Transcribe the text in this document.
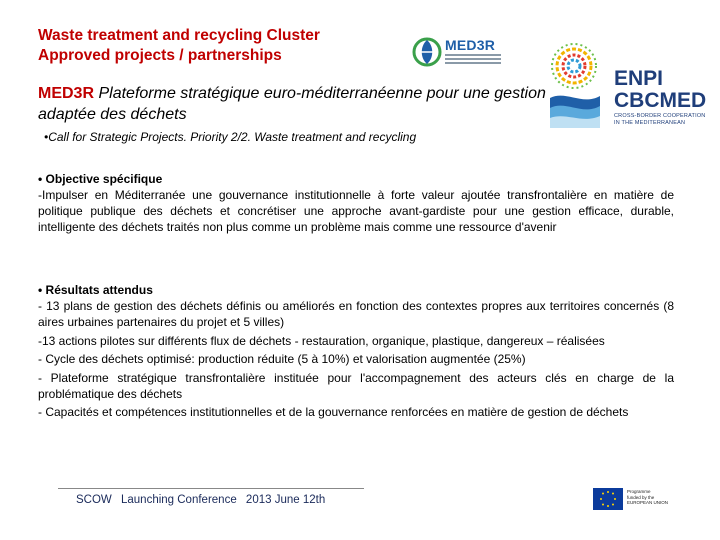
Waste treatment and recycling Cluster
Approved projects / partnerships
MED3R
ENPI
CBCMED
CROSS-BORDER COOPERATION
IN THE MEDITERRANEAN
MED3R Plateforme stratégique euro-méditerranéenne pour une gestion adaptée des déchets
•Call for Strategic Projects. Priority 2/2. Waste treatment and recycling
• Objective spécifique

-Impulser en Méditerranée une gouvernance institutionnelle à forte valeur ajoutée transfrontalière en matière de politique publique des déchets et concrétiser une approche avant-gardiste pour une gestion efficace, durable, intelligente des déchets traités non plus comme un problème mais comme une ressource d'avenir

• Résultats attendus

- 13 plans de gestion des déchets définis ou améliorés en fonction des contextes propres aux territoires concernés (8 aires urbaines partenaires du projet et 5 villes)

-13 actions pilotes sur différents flux de déchets - restauration, organique, plastique, dangereux – réalisées

- Cycle des déchets optimisé: production réduite (5 à 10%) et valorisation augmentée (25%)

- Plateforme stratégique transfrontalière instituée pour l'accompagnement des acteurs clés en charge de la problématique des déchets

- Capacités et compétences institutionnelles et de la gouvernance renforcées en matière de gestion de déchets

SCOW Launching Conference 2013 June 12th
Programme
funded by the
EUROPEAN UNION
